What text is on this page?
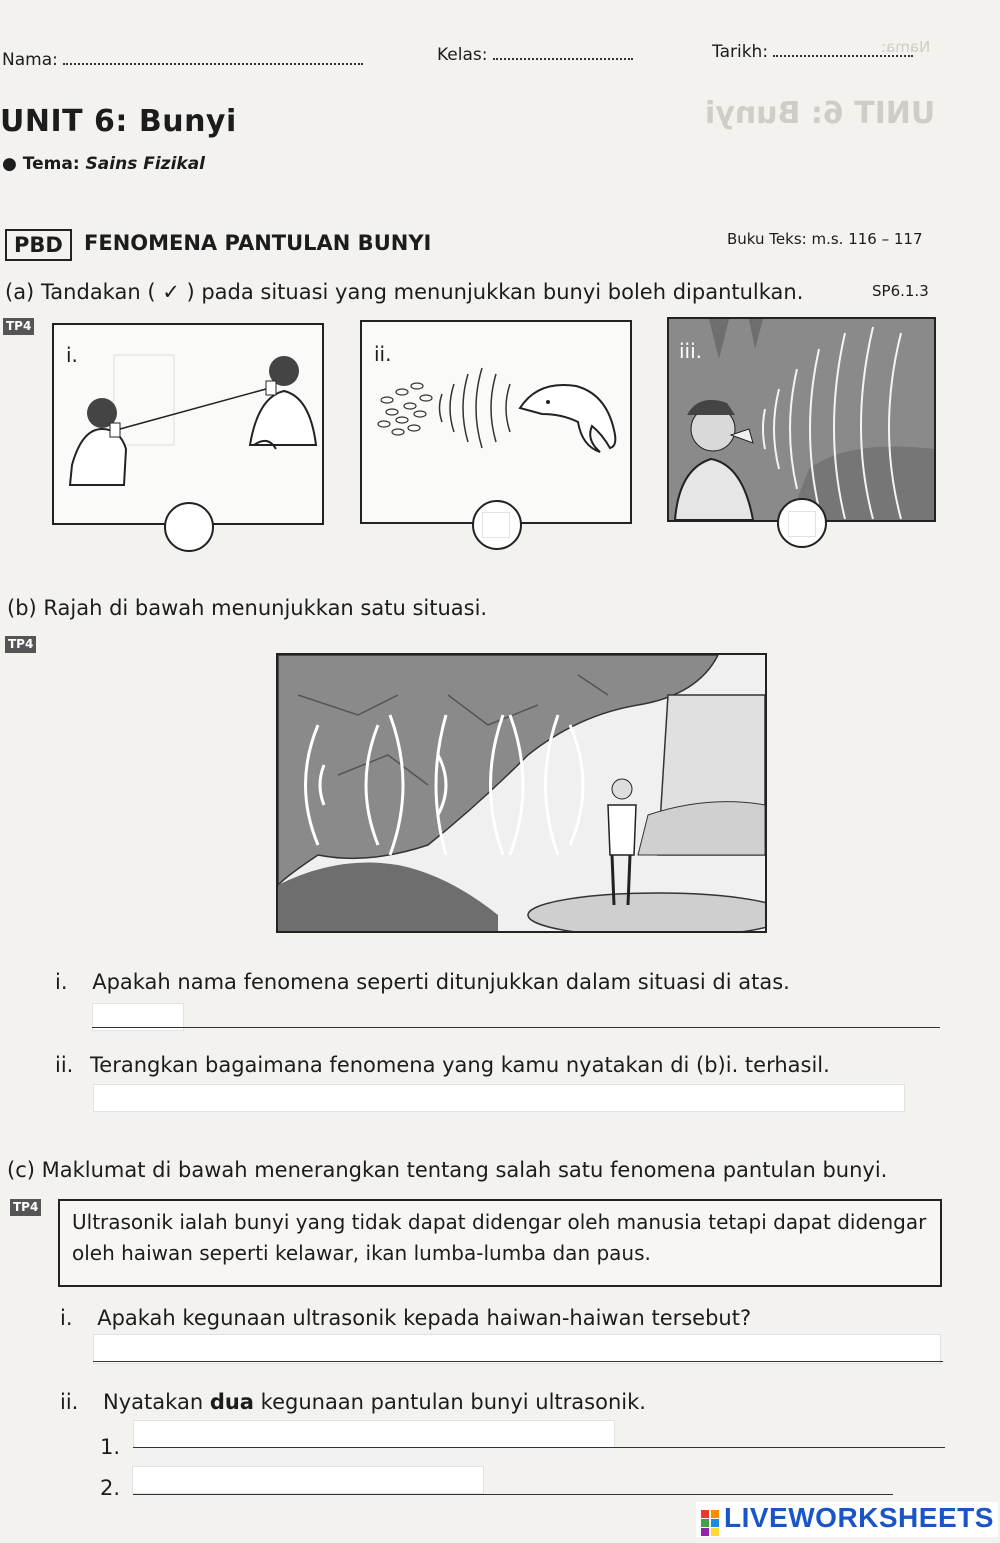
Nama:
UNIT 6: Bunyi
Nama:	Kelas:	Tarikh:
UNIT 6: Bunyi
● Tema: Sains Fizikal
PBD	FENOMENA PANTULAN BUNYI	Buku Teks: m.s. 116 – 117
(a) Tandakan ( ✓ ) pada situasi yang menunjukkan bunyi boleh dipantulkan.	SP6.1.3
TP4
i.	ii.	iii.
(b) Rajah di bawah menunjukkan satu situasi.
TP4
i. Apakah nama fenomena seperti ditunjukkan dalam situasi di atas.
ii. Terangkan bagaimana fenomena yang kamu nyatakan di (b)i. terhasil.
(c) Maklumat di bawah menerangkan tentang salah satu fenomena pantulan bunyi.
TP4
Ultrasonik ialah bunyi yang tidak dapat didengar oleh manusia tetapi dapat didengar oleh haiwan seperti kelawar, ikan lumba-lumba dan paus.
i. Apakah kegunaan ultrasonik kepada haiwan-haiwan tersebut?
ii. Nyatakan dua kegunaan pantulan bunyi ultrasonik.
1.
2.
LIVEWORKSHEETS
